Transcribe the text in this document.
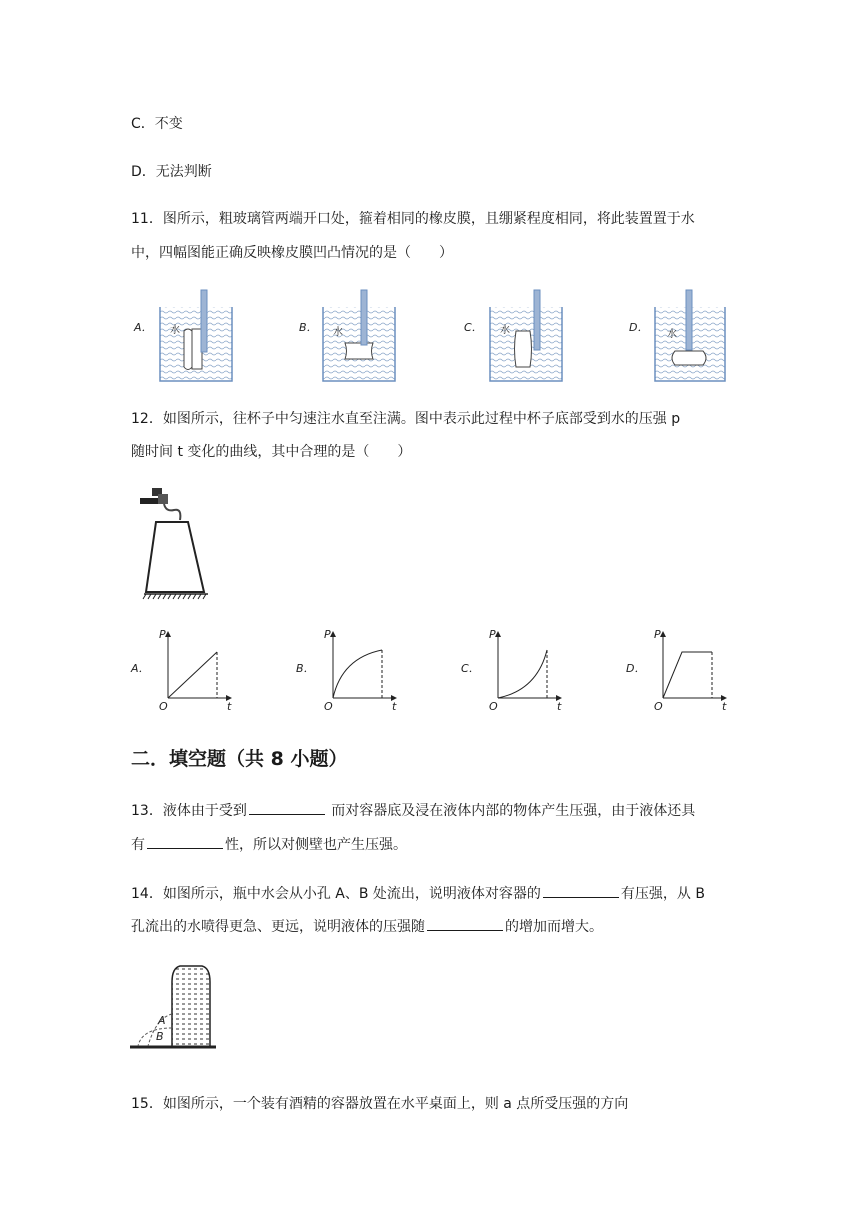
C．不变
D．无法判断
11．图所示，粗玻璃管两端开口处，箍着相同的橡皮膜，且绷紧程度相同，将此装置置于水
中，四幅图能正确反映橡皮膜凹凸情况的是（　　）
A． 水	B． 水	C． 水	D．
水
12．如图所示，往杯子中匀速注水直至注满。图中表示此过程中杯子底部受到水的压强 p
随时间 t 变化的曲线，其中合理的是（　　）
A．
P
O	t
B．
P
O	t
C．
P
O	t
D．
P
O	t
二．填空题（共 8 小题）
13．液体由于受到	而对容器底及浸在液体内部的物体产生压强，由于液体还具
有	性，所以对侧壁也产生压强。
14．如图所示，瓶中水会从小孔 A、B 处流出，说明液体对容器的	有压强，从 B
孔流出的水喷得更急、更远，说明液体的压强随	的增加而增大。
A
B
15．如图所示，一个装有酒精的容器放置在水平桌面上，则 a 点所受压强的方向
